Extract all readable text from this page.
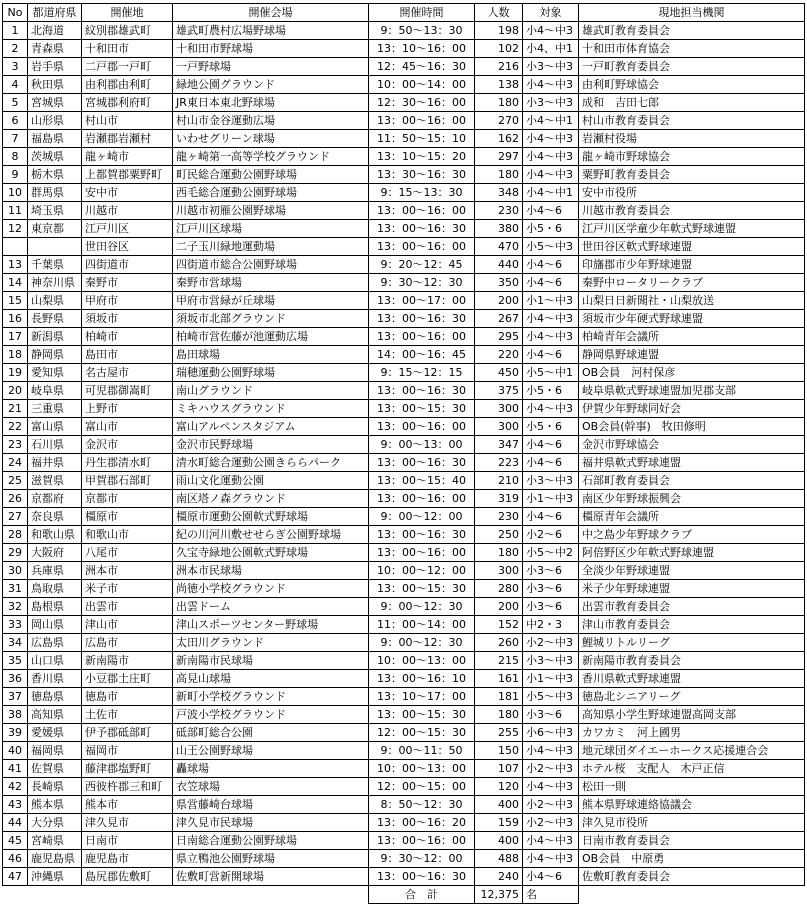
No	都道府県	開催地	開催会場	開催時間	人数	対象	現地担当機関
1	北海道	紋別郡雄武町	雄武町農村広場野球場	9：50～13：30	198	小4～中3	雄武町教育委員会
2	青森県	十和田市	十和田市野球場	13：10～16：00	102	小4、中1	十和田市体育協会
3	岩手県	二戸郡一戸町	一戸野球場	12：45～16：30	216	小3～中3	一戸町教育委員会
4	秋田県	由利郡由利町	緑地公園グラウンド	10：00～14：00	138	小4～中3	由利町野球協会
5	宮城県	宮城郡利府町	JR東日本東北野球場	12：30～16：00	180	小3～中3	成和　吉田七郎
6	山形県	村山市	村山市金谷運動広場	13：00～16：00	270	小4～中1	村山市教育委員会
7	福島県	岩瀬郡岩瀬村	いわせグリーン球場	11：50～15：10	162	小4～中3	岩瀬村役場
8	茨城県	龍ヶ崎市	龍ヶ崎第一高等学校グラウンド	13：10～15：20	297	小4～中3	龍ヶ崎市野球協会
9	栃木県	上都賀郡粟野町	町民総合運動公園野球場	13：30～16：30	180	小4～中3	粟野町教育委員会
10	群馬県	安中市	西毛総合運動公園野球場	9：15～13：30	348	小4～中1	安中市役所
11	埼玉県	川越市	川越市初雁公園野球場	13：00～16：00	230	小4～6	川越市教育委員会
12	東京都	江戸川区	江戸川区球場	13：00～16：30	380	小5・6	江戸川区学童少年軟式野球連盟
		世田谷区	二子玉川緑地運動場	13：00～16：00	470	小5～中3	世田谷区軟式野球連盟
13	千葉県	四街道市	四街道市総合公園野球場	9：20～12：45	440	小4～6	印旛郡市少年野球連盟
14	神奈川県	秦野市	秦野市営球場	9：30～12：30	350	小4～6	秦野中ロータリークラブ
15	山梨県	甲府市	甲府市営緑が丘球場	13：00～17：00	200	小1～中3	山梨日日新聞社・山梨放送
16	長野県	須坂市	須坂市北部グラウンド	13：00～16：30	267	小4～中3	須坂市少年硬式野球連盟
17	新潟県	柏崎市	柏崎市営佐藤が池運動広場	13：00～16：00	295	小4～中3	柏崎青年会議所
18	静岡県	島田市	島田球場	14：00～16：45	220	小4～6	静岡県野球連盟
19	愛知県	名古屋市	瑞穂運動公園野球場	9：15～12：15	450	小5～中1	OB会員　河村保彦
20	岐阜県	可児郡御嵩町	南山グラウンド	13：00～16：30	375	小5・6	岐阜県軟式野球連盟加児郡支部
21	三重県	上野市	ミキハウスグラウンド	13：00～15：30	300	小4～中3	伊賀少年野球同好会
22	富山県	富山市	富山アルペンスタジアム	13：00～16：00	300	小5・6	OB会員(幹事)　牧田修明
23	石川県	金沢市	金沢市民野球場	9：00～13：00	347	小4～6	金沢市野球協会
24	福井県	丹生郡清水町	清水町総合運動公園きららパーク	13：00～16：30	223	小4～6	福井県軟式野球連盟
25	滋賀県	甲賀郡石部町	雨山文化運動公園	13：00～15：40	210	小3～中3	石部町教育委員会
26	京都府	京都市	南区塔ノ森グラウンド	13：00～16：00	319	小1～中3	南区少年野球振興会
27	奈良県	橿原市	橿原市運動公園軟式野球場	9：00～12：00	230	小4～6	橿原青年会議所
28	和歌山県	和歌山市	紀の川河川敷せせらぎ公園野球場	13：00～16：30	250	小2～6	中之島少年野球クラブ
29	大阪府	八尾市	久宝寺緑地公園軟式野球場	13：00～16：00	180	小5～中2	阿倍野区少年軟式野球連盟
30	兵庫県	洲本市	洲本市民球場	10：00～12：00	300	小3～6	全淡少年野球連盟
31	鳥取県	米子市	尚徳小学校グラウンド	13：00～15：30	280	小3～6	米子少年野球連盟
32	島根県	出雲市	出雲ドーム	9：00～12：30	200	小3～6	出雲市教育委員会
33	岡山県	津山市	津山スポーツセンター野球場	11：00～14：00	152	中2・3	津山市教育委員会
34	広島県	広島市	太田川グラウンド	9：00～12：30	260	小2～中3	鯉城リトルリーグ
35	山口県	新南陽市	新南陽市民球場	10：00～13：00	215	小3～中3	新南陽市教育委員会
36	香川県	小豆郡土庄町	高見山球場	13：00～16：10	161	小1～中3	香川県軟式野球連盟
37	徳島県	徳島市	新町小学校グラウンド	13：10～17：00	181	小5～中3	徳島北シニアリーグ
38	高知県	土佐市	戸波小学校グラウンド	13：00～15：30	180	小3～6	高知県小学生野球連盟高岡支部
39	愛媛県	伊予郡砥部町	砥部町総合公園	12：00～15：30	255	小6～中3	カワカミ　河上國男
40	福岡県	福岡市	山王公園野球場	9：00～11：50	150	小4～中3	地元球団ダイエーホークス応援連合会
41	佐賀県	藤津郡塩野町	轟球場	10：00～13：00	107	小2～中3	ホテル桜　支配人　木戸正信
42	長崎県	西彼杵郡三和町	衣笠球場	12：00～15：00	120	小4～中3	松田一則
43	熊本県	熊本市	県営藤崎台球場	8：50～12：30	400	小2～中3	熊本県野球連絡協議会
44	大分県	津久見市	津久見市民球場	13：00～16：20	159	小2～中3	津久見市役所
45	宮崎県	日南市	日南総合運動公園野球場	13：00～16：00	400	小4～中3	日南市教育委員会
46	鹿児島県	鹿児島市	県立鴨池公園野球場	9：30～12：00	488	小4～中3	OB会員　中原勇
47	沖縄県	島尻郡佐敷町	佐敷町営新開球場	13：00～16：30	240	小4～6	佐敷町教育委員会
				合　計	12,375	名	
